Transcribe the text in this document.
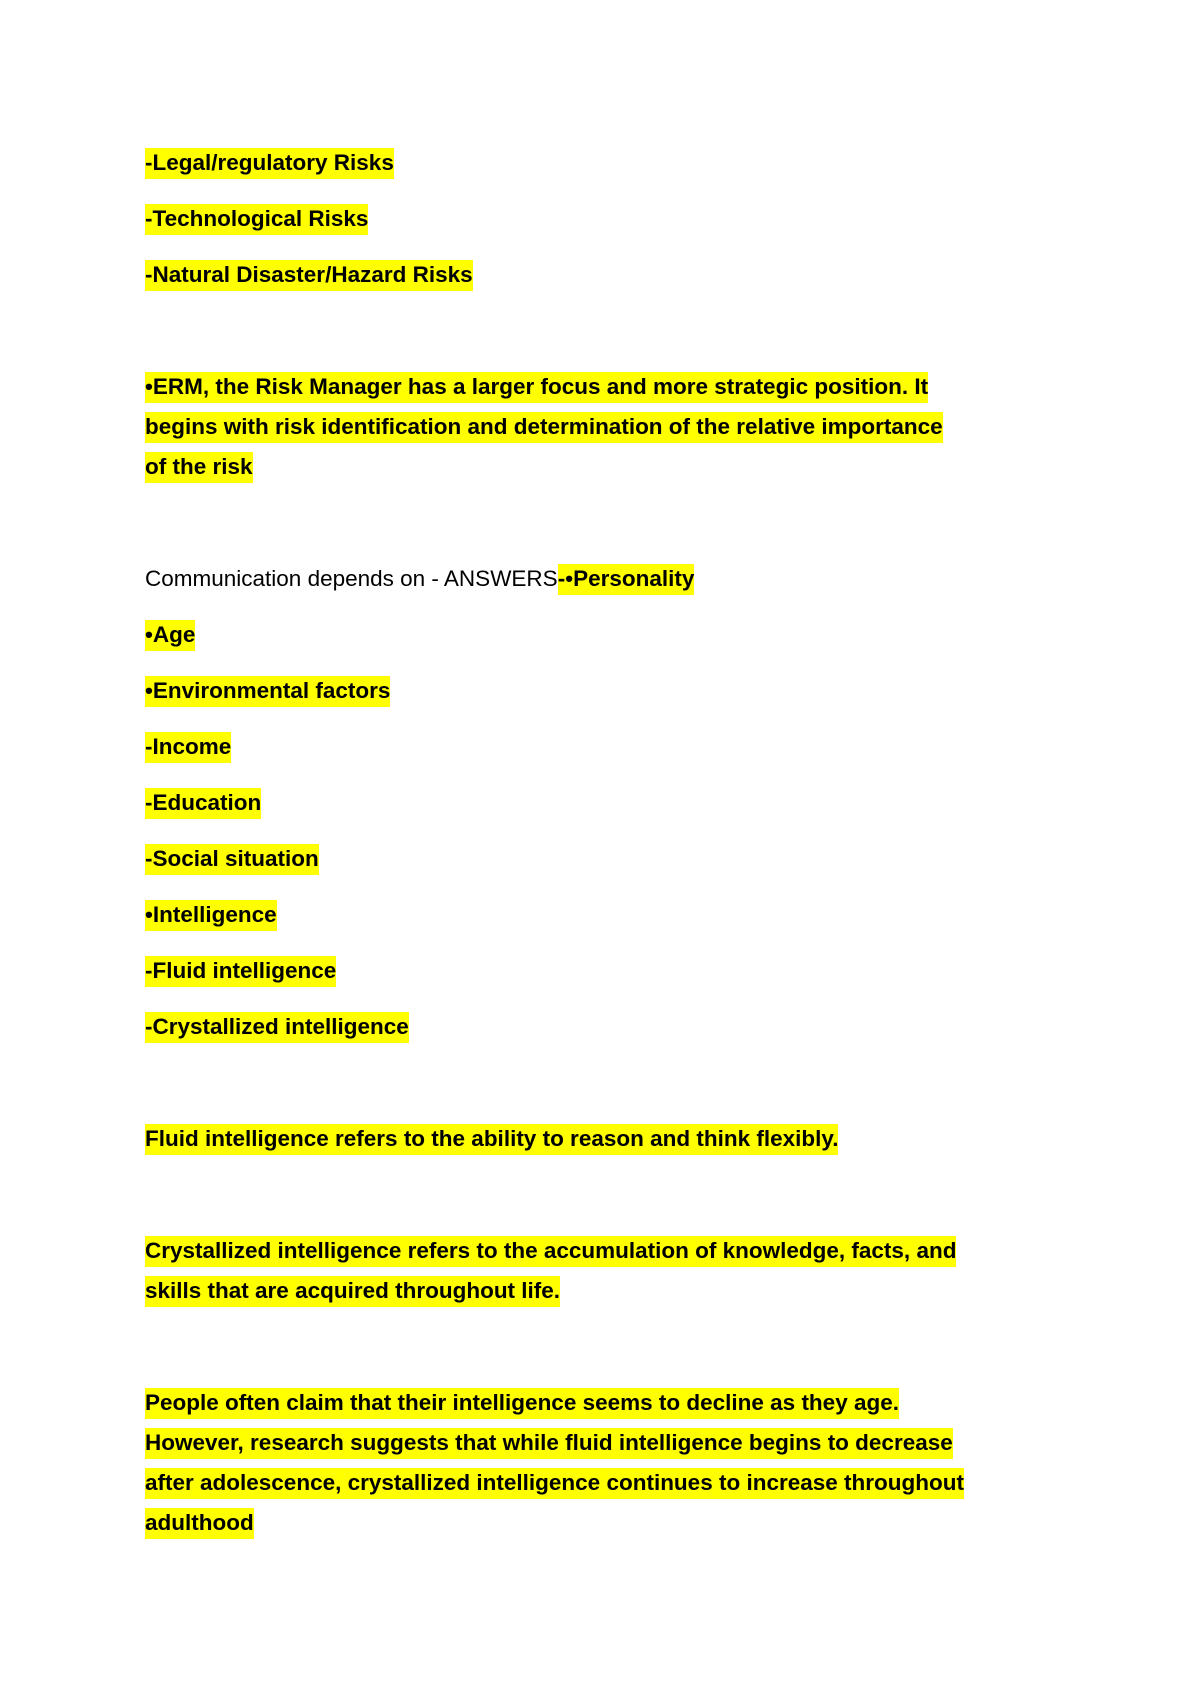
-Legal/regulatory Risks
-Technological Risks
-Natural Disaster/Hazard Risks
•ERM, the Risk Manager has a larger focus and more strategic position. It
begins with risk identification and determination of the relative importance
of the risk
Communication depends on - ANSWERS-•Personality
•Age
•Environmental factors
-Income
-Education
-Social situation
•Intelligence
-Fluid intelligence
-Crystallized intelligence
Fluid intelligence refers to the ability to reason and think flexibly.
Crystallized intelligence refers to the accumulation of knowledge, facts, and
skills that are acquired throughout life.
People often claim that their intelligence seems to decline as they age.
However, research suggests that while fluid intelligence begins to decrease
after adolescence, crystallized intelligence continues to increase throughout
adulthood
